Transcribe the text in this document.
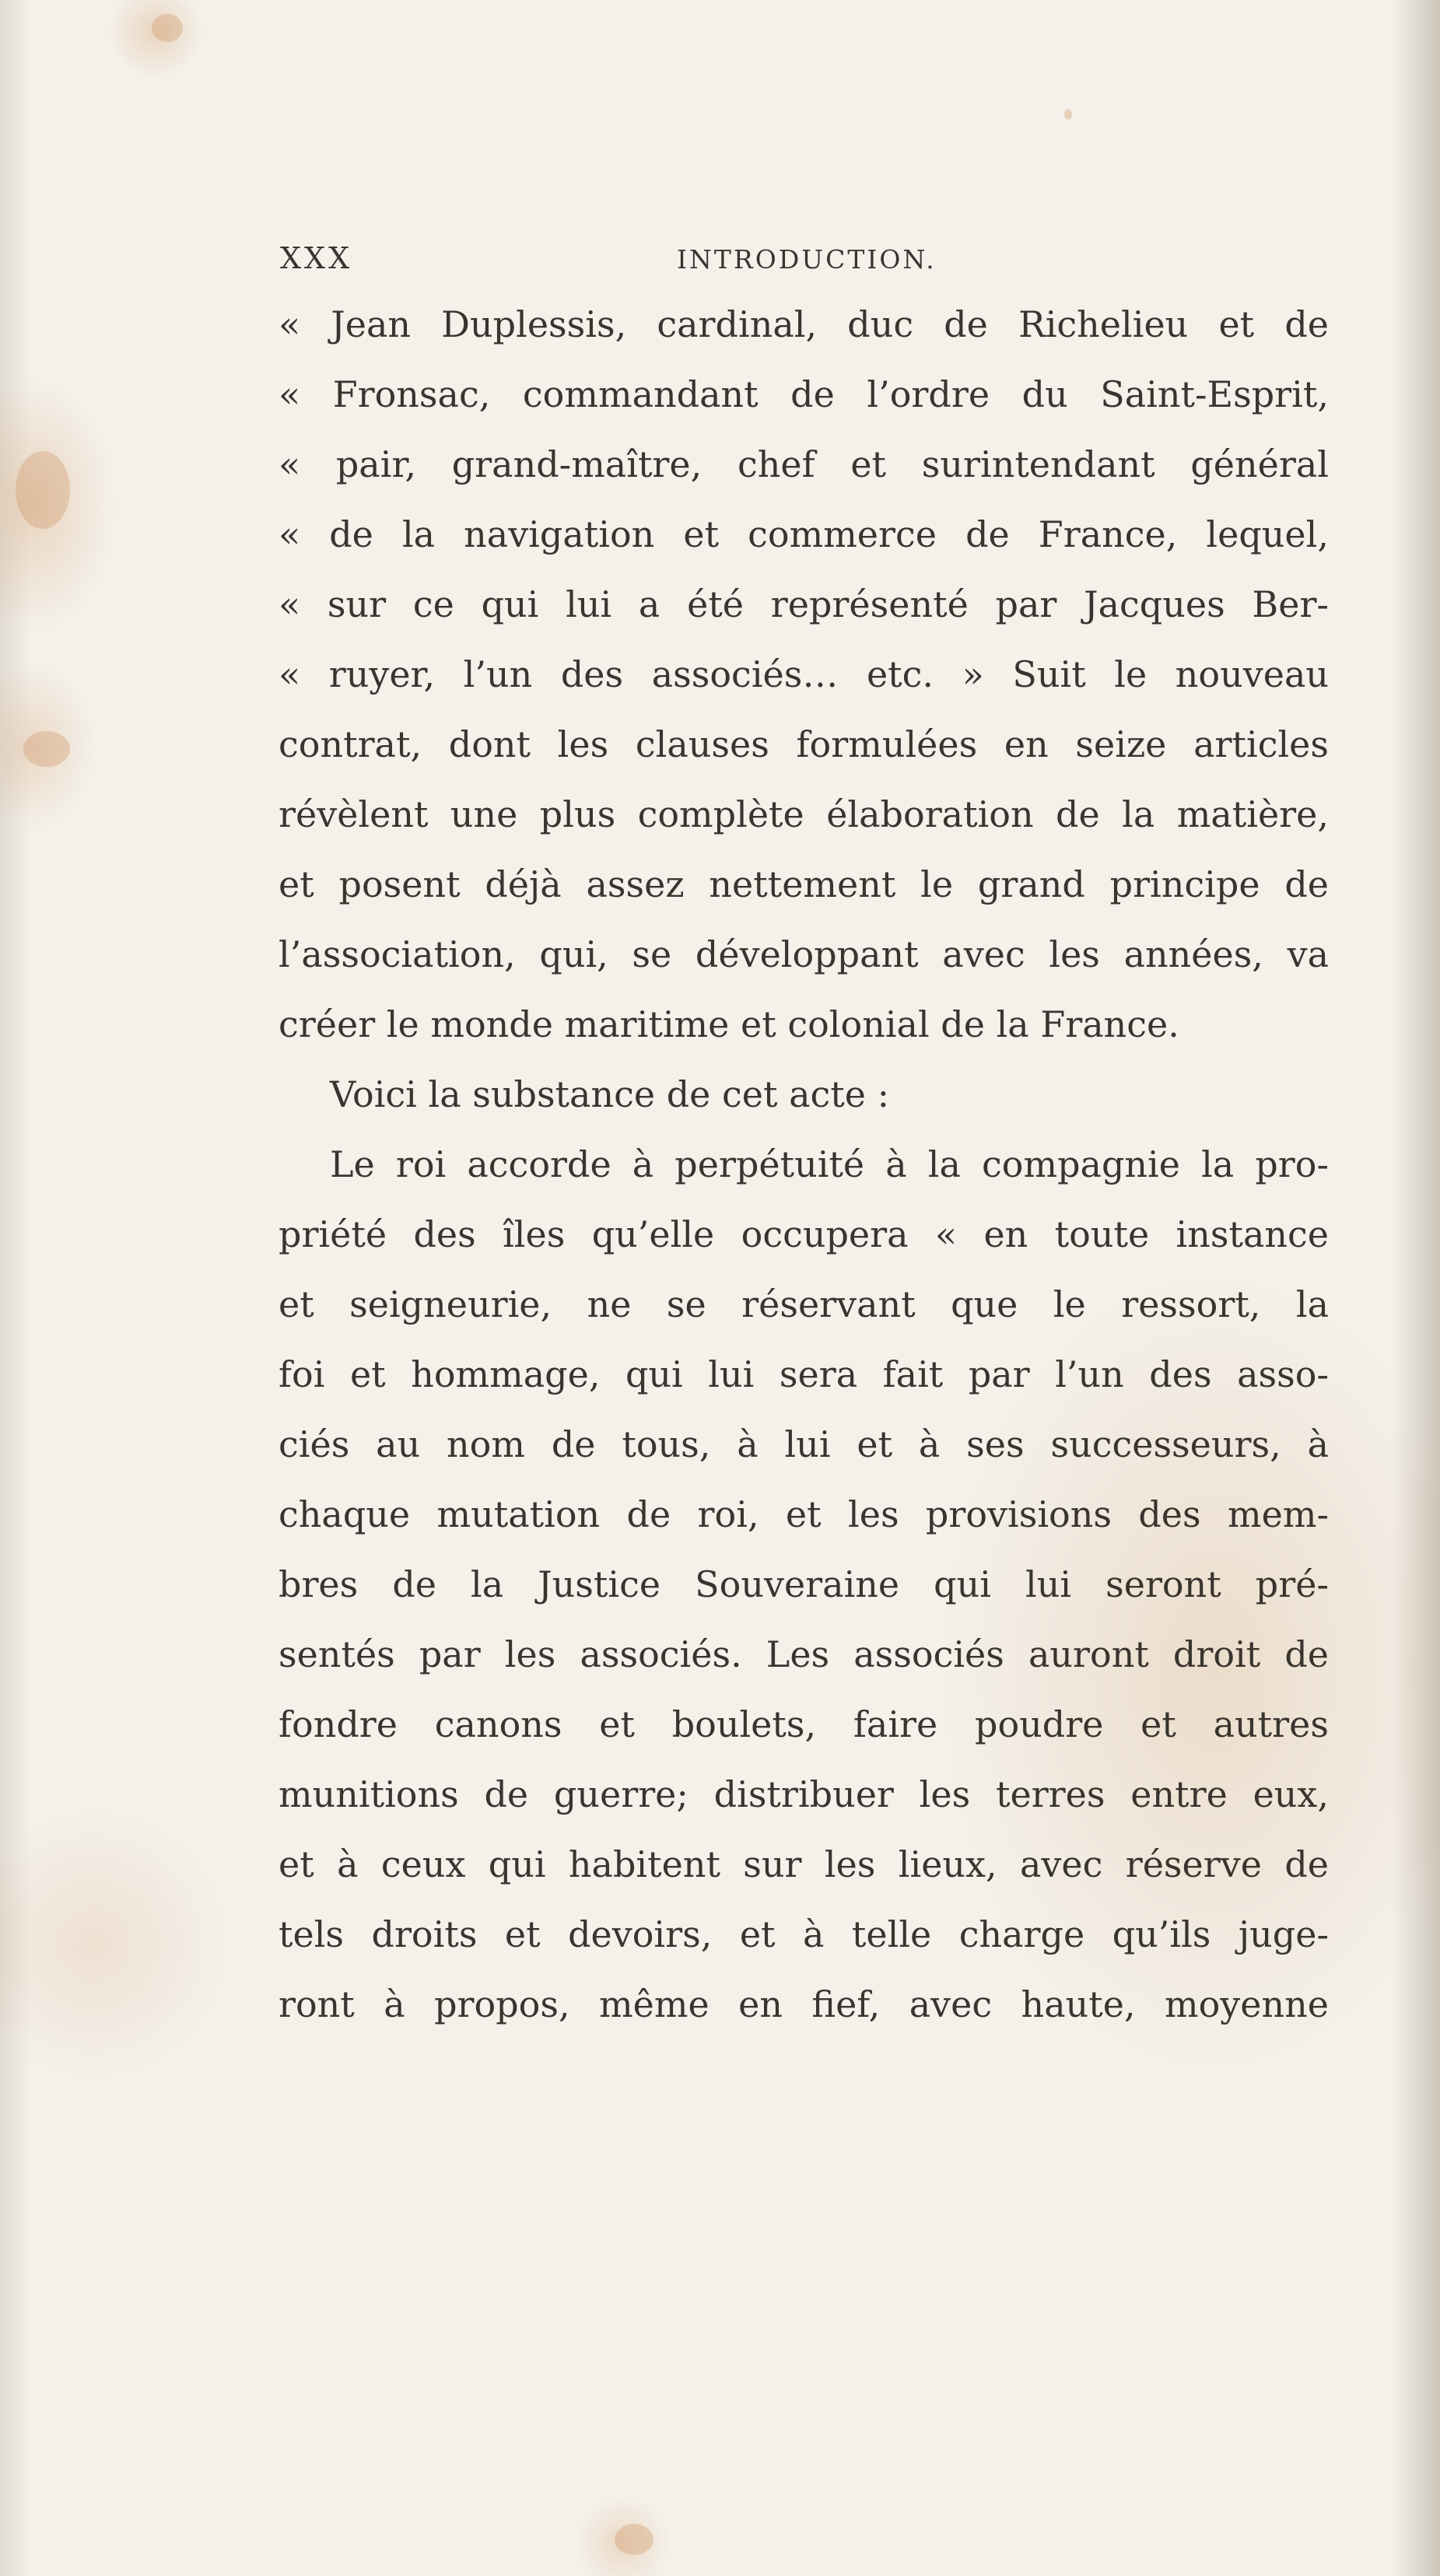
XXX	INTRODUCTION.
« Jean Duplessis, cardinal, duc de Richelieu et de
« Fronsac, commandant de l’ordre du Saint-Esprit,
« pair, grand-maître, chef et surintendant général
« de la navigation et commerce de France, lequel,
« sur ce qui lui a été représenté par Jacques Ber-
« ruyer, l’un des associés… etc. » Suit le nouveau
contrat, dont les clauses formulées en seize articles
révèlent une plus complète élaboration de la matière,
et posent déjà assez nettement le grand principe de
l’association, qui, se développant avec les années, va
créer le monde maritime et colonial de la France.
Voici la substance de cet acte :
Le roi accorde à perpétuité à la compagnie la pro-
priété des îles qu’elle occupera « en toute instance
et seigneurie, ne se réservant que le ressort, la
foi et hommage, qui lui sera fait par l’un des asso-
ciés au nom de tous, à lui et à ses successeurs, à
chaque mutation de roi, et les provisions des mem-
bres de la Justice Souveraine qui lui seront pré-
sentés par les associés. Les associés auront droit de
fondre canons et boulets, faire poudre et autres
munitions de guerre; distribuer les terres entre eux,
et à ceux qui habitent sur les lieux, avec réserve de
tels droits et devoirs, et à telle charge qu’ils juge-
ront à propos, même en fief, avec haute, moyenne
